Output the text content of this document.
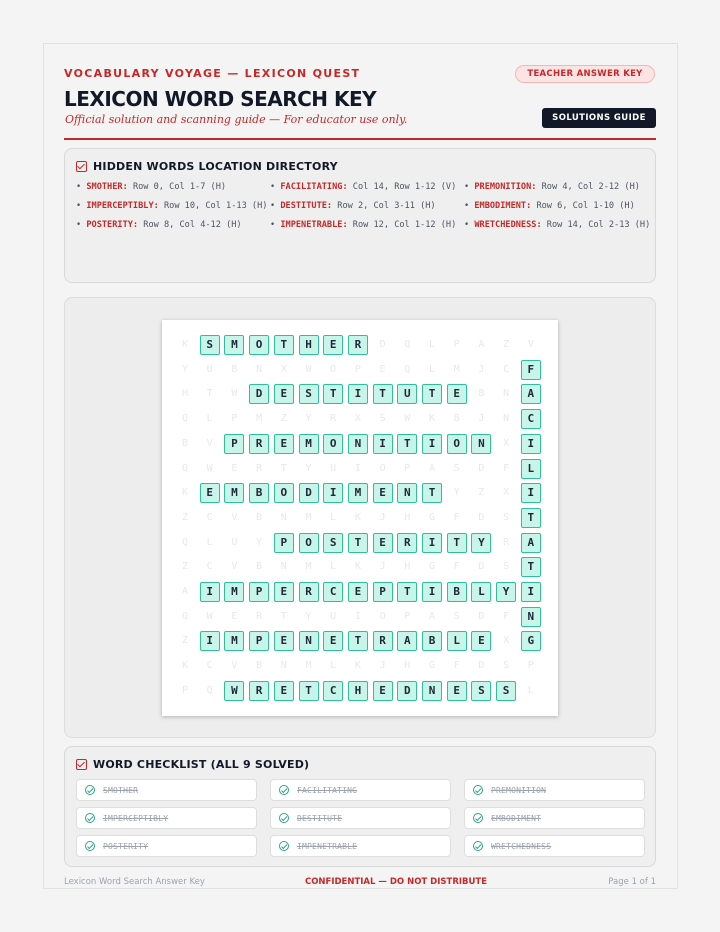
VOCABULARY VOYAGE — LEXICON QUEST	TEACHER ANSWER KEY
LEXICON WORD SEARCH KEY
Official solution and scanning guide — For educator use only.	SOLUTIONS GUIDE
HIDDEN WORDS LOCATION DIRECTORY
• SMOTHER: Row 0, Col 1-7 (H)	• FACILITATING: Col 14, Row 1-12 (V) • PREMONITION: Row 4, Col 2-12 (H)
• IMPERCEPTIBLY: Row 10, Col 1-13 (H) • DESTITUTE: Row 2, Col 3-11 (H)	• EMBODIMENT: Row 6, Col 1-10 (H)
• POSTERITY: Row 8, Col 4-12 (H)	• IMPENETRABLE: Row 12, Col 1-12 (H) • WRETCHEDNESS: Row 14, Col 2-13 (H)
K	S	M	O	T	H	E	R	D	Q	L	P	A	Z	V
Y	U	B	N	X	W	O	P	E	Q	L	M	J	C	F
H	T	W	D	E	S	T	I	T	U	T	E	B	N	A
Q	L	P	M	Z	Y	R	X	S	W	K	B	J	N	C
B	V	P	R	E	M	O	N	I	T	I	O	N	X	I
Q	W	E	R	T	Y	U	I	O	P	A	S	D	F	L
K	E	M	B	O	D	I	M	E	N	T	Y	Z	X	I
Z	C	V	B	N	M	L	K	J	H	G	F	D	S	T
Q	L	U	Y	P	O	S	T	E	R	I	T	Y	R	A
Z	C	V	B	N	M	L	K	J	H	G	F	D	S	T
A	I	M	P	E	R	C	E	P	T	I	B	L	Y	I
Q	W	E	R	T	Y	U	I	O	P	A	S	D	F	N
Z	I	M	P	E	N	E	T	R	A	B	L	E	X	G
K	C	V	B	N	M	L	K	J	H	G	F	D	S	P
P	Q	W	R	E	T	C	H	E	D	N	E	S	S	L
WORD CHECKLIST (ALL 9 SOLVED)
SMOTHER	FACILITATING	PREMONITION
IMPERCEPTIBLY	DESTITUTE	EMBODIMENT
POSTERITY	IMPENETRABLE	WRETCHEDNESS
Lexicon Word Search Answer Key	CONFIDENTIAL — DO NOT DISTRIBUTE	Page 1 of 1
